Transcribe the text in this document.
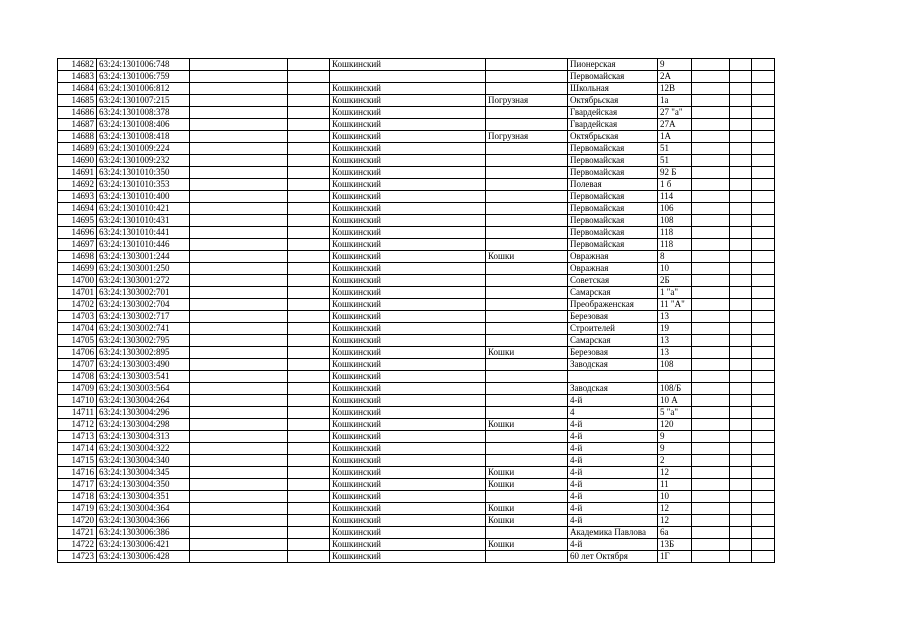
14682	63:24:1301006:748			Кошкинский		Пионерская	9			
14683	63:24:1301006:759					Первомайская	2А			
14684	63:24:1301006:812			Кошкинский		Школьная	12В			
14685	63:24:1301007:215			Кошкинский	Погрузная	Октябрьская	1а			
14686	63:24:1301008:378			Кошкинский		Гвардейская	27 "а"			
14687	63:24:1301008:406			Кошкинский		Гвардейская	27А			
14688	63:24:1301008:418			Кошкинский	Погрузная	Октябрьская	1А			
14689	63:24:1301009:224			Кошкинский		Первомайская	51			
14690	63:24:1301009:232			Кошкинский		Первомайская	51			
14691	63:24:1301010:350			Кошкинский		Первомайская	92 Б			
14692	63:24:1301010:353			Кошкинский		Полевая	1 б			
14693	63:24:1301010:400			Кошкинский		Первомайская	114			
14694	63:24:1301010:421			Кошкинский		Первомайская	106			
14695	63:24:1301010:431			Кошкинский		Первомайская	108			
14696	63:24:1301010:441			Кошкинский		Первомайская	118			
14697	63:24:1301010:446			Кошкинский		Первомайская	118			
14698	63:24:1303001:244			Кошкинский	Кошки	Овражная	8			
14699	63:24:1303001:250			Кошкинский		Овражная	10			
14700	63:24:1303001:272			Кошкинский		Советская	2Б			
14701	63:24:1303002:701			Кошкинский		Самарская	1 "а"			
14702	63:24:1303002:704			Кошкинский		Преображенская	11 "А"			
14703	63:24:1303002:717			Кошкинский		Березовая	13			
14704	63:24:1303002:741			Кошкинский		Строителей	19			
14705	63:24:1303002:795			Кошкинский		Самарская	13			
14706	63:24:1303002:895			Кошкинский	Кошки	Березовая	13			
14707	63:24:1303003:490			Кошкинский		Заводская	108			
14708	63:24:1303003:541			Кошкинский						
14709	63:24:1303003:564			Кошкинский		Заводская	108/Б			
14710	63:24:1303004:264			Кошкинский		4-й	10 А			
14711	63:24:1303004:296			Кошкинский		4	5 "а"			
14712	63:24:1303004:298			Кошкинский	Кошки	4-й	120			
14713	63:24:1303004:313			Кошкинский		4-й	9			
14714	63:24:1303004:322			Кошкинский		4-й	9			
14715	63:24:1303004:340			Кошкинский		4-й	2			
14716	63:24:1303004:345			Кошкинский	Кошки	4-й	12			
14717	63:24:1303004:350			Кошкинский	Кошки	4-й	11			
14718	63:24:1303004:351			Кошкинский		4-й	10			
14719	63:24:1303004:364			Кошкинский	Кошки	4-й	12			
14720	63:24:1303004:366			Кошкинский	Кошки	4-й	12			
14721	63:24:1303006:386			Кошкинский		Академика Павлова	6а			
14722	63:24:1303006:421			Кошкинский	Кошки	4-й	13Б			
14723	63:24:1303006:428			Кошкинский		60 лет Октября	1Г			
